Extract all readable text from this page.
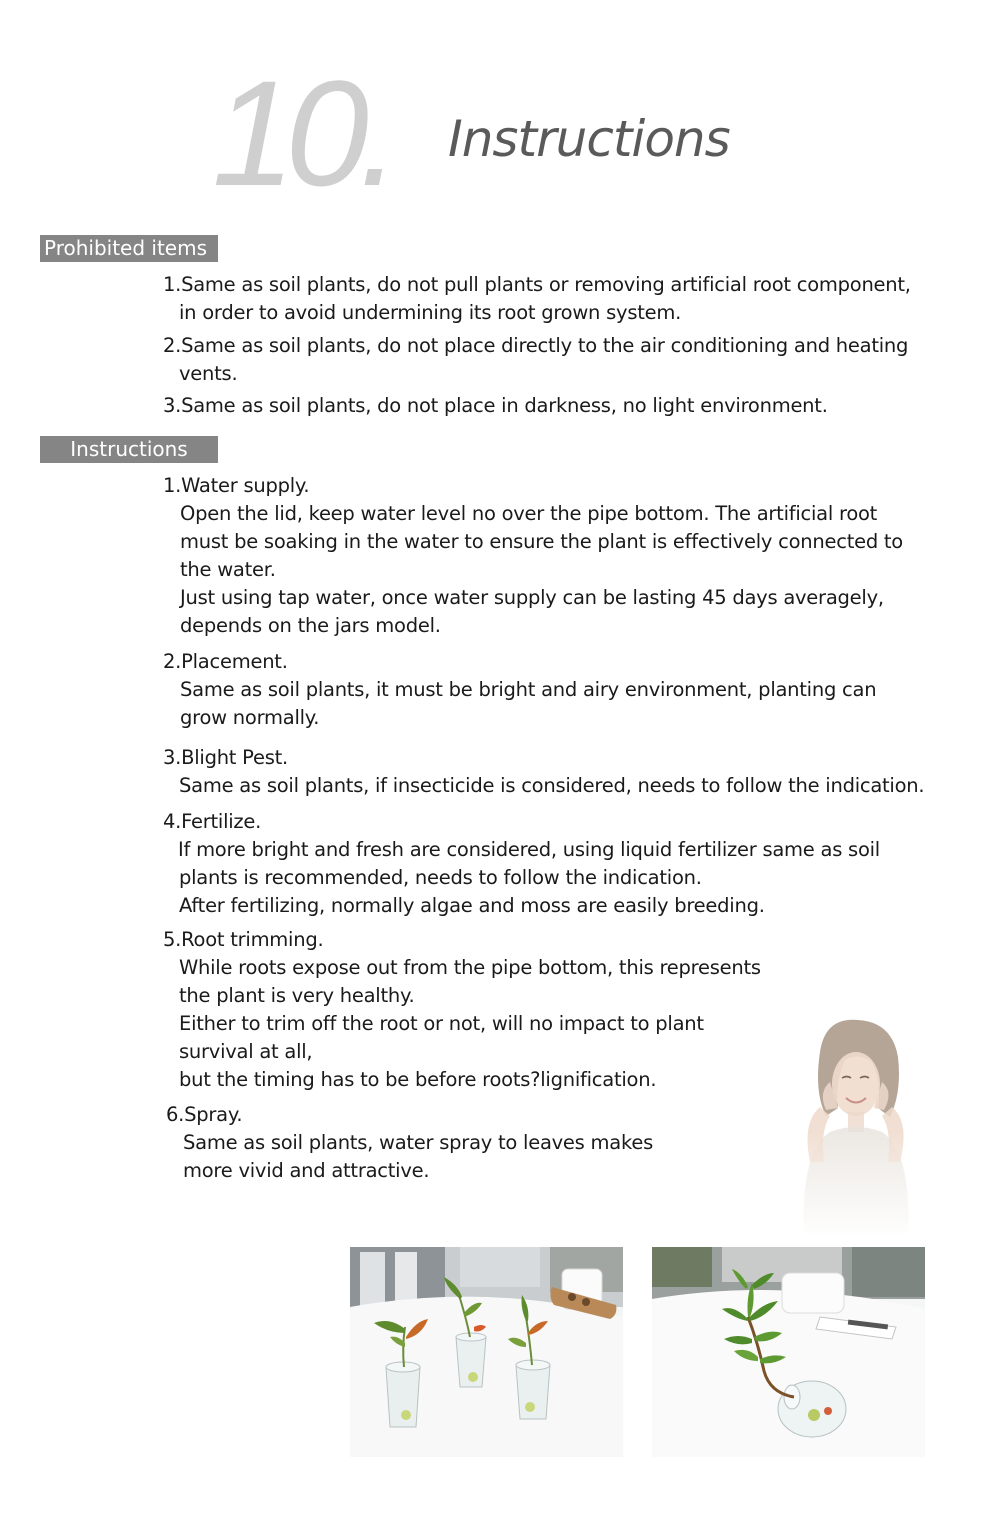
10. Instructions
Prohibited items
1.Same as soil plants, do not pull plants or removing artificial root component,
in order to avoid undermining its root grown system.
2.Same as soil plants, do not place directly to the air conditioning and heating
vents.
3.Same as soil plants, do not place in darkness, no light environment.
Instructions
1.Water supply.
Open the lid, keep water level no over the pipe bottom. The artificial root
must be soaking in the water to ensure the plant is effectively connected to
the water.
Just using tap water, once water supply can be lasting 45 days averagely,
depends on the jars model.
2.Placement.
Same as soil plants, it must be bright and airy environment, planting can
grow normally.
3.Blight Pest.
Same as soil plants, if insecticide is considered, needs to follow the indication.
4.Fertilize.
If more bright and fresh are considered, using liquid fertilizer same as soil
plants is recommended, needs to follow the indication.
After fertilizing, normally algae and moss are easily breeding.
5.Root trimming.
While roots expose out from the pipe bottom, this represents
the plant is very healthy.
Either to trim off the root or not, will no impact to plant
survival at all,
but the timing has to be before roots?lignification.
6.Spray.
Same as soil plants, water spray to leaves makes
more vivid and attractive.
